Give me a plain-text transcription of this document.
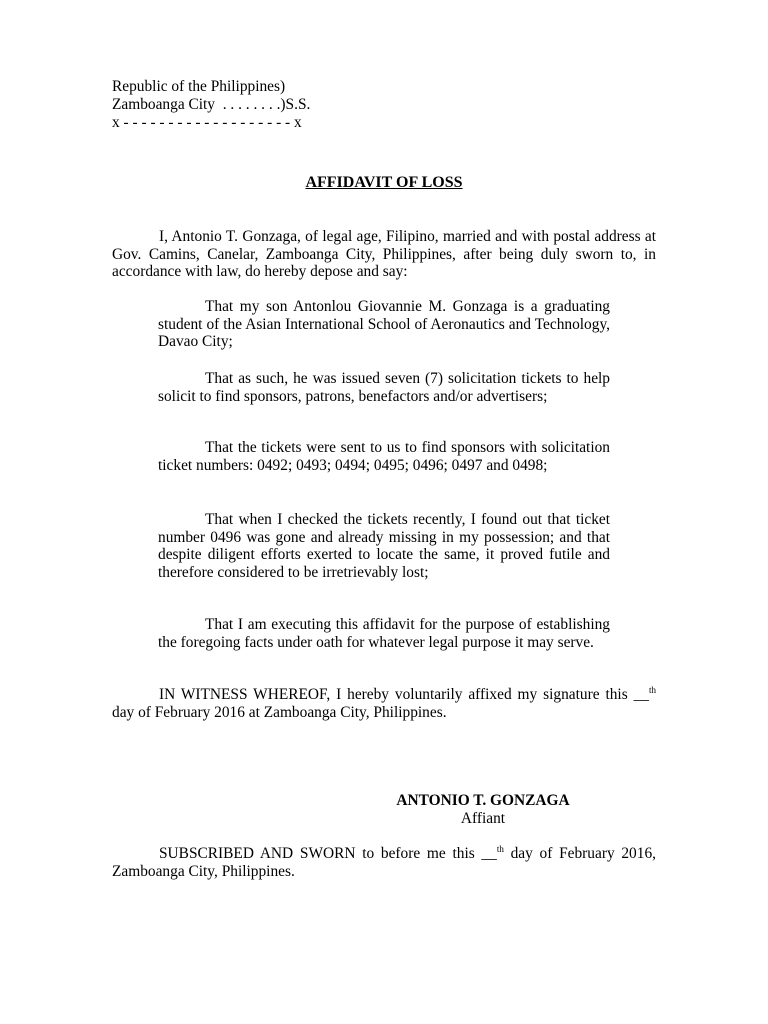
Republic of the Philippines)
Zamboanga City  . . . . . . . .)S.S.
x - - - - - - - - - - - - - - - - - - - x
AFFIDAVIT OF LOSS

I, Antonio T. Gonzaga, of legal age, Filipino, married and with postal address at Gov. Camins, Canelar, Zamboanga City, Philippines, after being duly sworn to, in accordance with law, do hereby depose and say:

That my son Antonlou Giovannie M. Gonzaga is a graduating student of the Asian International School of Aeronautics and Technology, Davao City;

That as such, he was issued seven (7) solicitation tickets to help solicit to find sponsors, patrons, benefactors and/or advertisers;

That the tickets were sent to us to find sponsors with solicitation ticket numbers: 0492; 0493; 0494; 0495; 0496; 0497 and 0498;

That when I checked the tickets recently, I found out that ticket number 0496 was gone and already missing in my possession; and that despite diligent efforts exerted to locate the same, it proved futile and therefore considered to be irretrievably lost;

That I am executing this affidavit for the purpose of establishing the foregoing facts under oath for whatever legal purpose it may serve.

IN WITNESS WHEREOF, I hereby voluntarily affixed my signature this __$^{th}$ day of February 2016 at Zamboanga City, Philippines.

ANTONIO T. GONZAGA
Affiant

SUBSCRIBED AND SWORN to before me this __$^{th}$ day of February 2016, Zamboanga City, Philippines.
